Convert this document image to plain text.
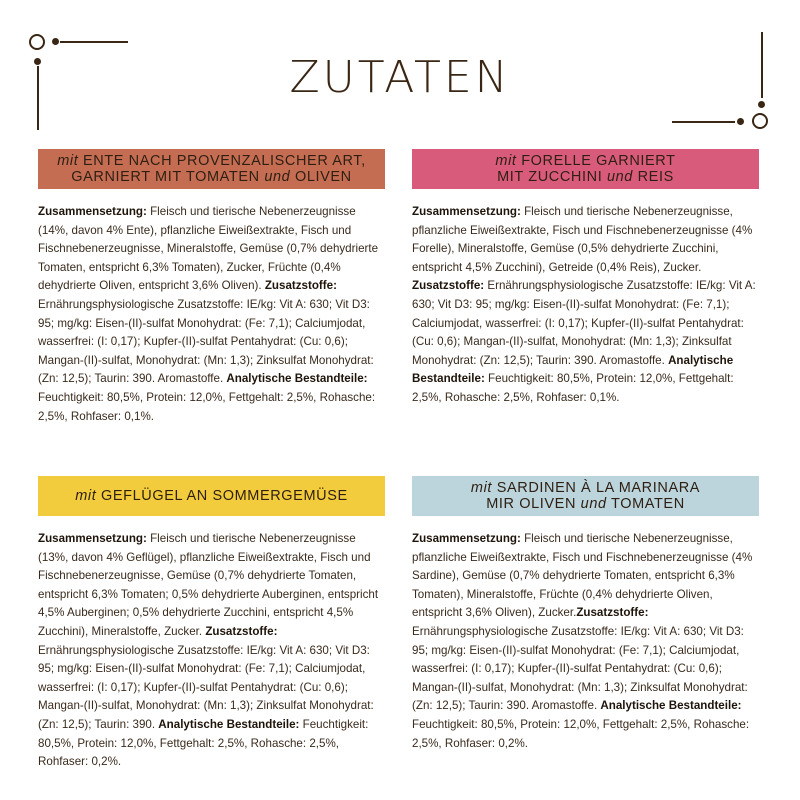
ZUTATEN
mit ENTE NACH PROVENZALISCHER ART,
GARNIERT MIT TOMATEN und OLIVEN

Zusammensetzung: Fleisch und tierische Nebenerzeugnisse (14%, davon 4% Ente), pflanzliche Eiweißextrakte, Fisch und Fischnebenerzeugnisse, Mineralstoffe, Gemüse (0,7% dehydrierte Tomaten, entspricht 6,3% Tomaten), Zucker, Früchte (0,4% dehydrierte Oliven, entspricht 3,6% Oliven). Zusatzstoffe: Ernährungsphysiologische Zusatzstoffe: IE/kg: Vit A: 630; Vit D3: 95; mg/kg: Eisen-(II)-sulfat Monohydrat: (Fe: 7,1); Calciumjodat, wasserfrei: (I: 0,17); Kupfer-(II)-sulfat Pentahydrat: (Cu: 0,6); Mangan-(II)-sulfat, Monohydrat: (Mn: 1,3); Zinksulfat Monohydrat: (Zn: 12,5); Taurin: 390. Aromastoffe. Analytische Bestandteile: Feuchtigkeit: 80,5%, Protein: 12,0%, Fettgehalt: 2,5%, Rohasche: 2,5%, Rohfaser: 0,1%.

mit FORELLE GARNIERT
MIT ZUCCHINI und REIS

Zusammensetzung: Fleisch und tierische Nebenerzeugnisse, pflanzliche Eiweißextrakte, Fisch und Fischnebenerzeugnisse (4% Forelle), Mineralstoffe, Gemüse (0,5% dehydrierte Zucchini, entspricht 4,5% Zucchini), Getreide (0,4% Reis), Zucker. Zusatzstoffe: Ernährungsphysiologische Zusatzstoffe: IE/kg: Vit A: 630; Vit D3: 95; mg/kg: Eisen-(II)-sulfat Monohydrat: (Fe: 7,1); Calciumjodat, wasserfrei: (I: 0,17); Kupfer-(II)-sulfat Pentahydrat: (Cu: 0,6); Mangan-(II)-sulfat, Monohydrat: (Mn: 1,3); Zinksulfat Monohydrat: (Zn: 12,5); Taurin: 390. Aromastoffe. Analytische Bestandteile: Feuchtigkeit: 80,5%, Protein: 12,0%, Fettgehalt: 2,5%, Rohasche: 2,5%, Rohfaser: 0,1%.

mit GEFLÜGEL AN SOMMERGEMÜSE

Zusammensetzung: Fleisch und tierische Nebenerzeugnisse (13%, davon 4% Geflügel), pflanzliche Eiweißextrakte, Fisch und Fischnebenerzeugnisse, Gemüse (0,7% dehydrierte Tomaten, entspricht 6,3% Tomaten; 0,5% dehydrierte Auberginen, entspricht 4,5% Auberginen; 0,5% dehydrierte Zucchini, entspricht 4,5% Zucchini), Mineralstoffe, Zucker. Zusatzstoffe: Ernährungsphysiologische Zusatzstoffe: IE/kg: Vit A: 630; Vit D3: 95; mg/kg: Eisen-(II)-sulfat Monohydrat: (Fe: 7,1); Calciumjodat, wasserfrei: (I: 0,17); Kupfer-(II)-sulfat Pentahydrat: (Cu: 0,6); Mangan-(II)-sulfat, Monohydrat: (Mn: 1,3); Zinksulfat Monohydrat: (Zn: 12,5); Taurin: 390. Analytische Bestandteile: Feuchtigkeit: 80,5%, Protein: 12,0%, Fettgehalt: 2,5%, Rohasche: 2,5%, Rohfaser: 0,2%.

mit SARDINEN À LA MARINARA
MIR OLIVEN und TOMATEN

Zusammensetzung: Fleisch und tierische Nebenerzeugnisse, pflanzliche Eiweißextrakte, Fisch und Fischnebenerzeugnisse (4% Sardine), Gemüse (0,7% dehydrierte Tomaten, entspricht 6,3% Tomaten), Mineralstoffe, Früchte (0,4% dehydrierte Oliven, entspricht 3,6% Oliven), Zucker.Zusatzstoffe: Ernährungsphysiologische Zusatzstoffe: IE/kg: Vit A: 630; Vit D3: 95; mg/kg: Eisen-(II)-sulfat Monohydrat: (Fe: 7,1); Calciumjodat, wasserfrei: (I: 0,17); Kupfer-(II)-sulfat Pentahydrat: (Cu: 0,6); Mangan-(II)-sulfat, Monohydrat: (Mn: 1,3); Zinksulfat Monohydrat: (Zn: 12,5); Taurin: 390. Aromastoffe. Analytische Bestandteile: Feuchtigkeit: 80,5%, Protein: 12,0%, Fettgehalt: 2,5%, Rohasche: 2,5%, Rohfaser: 0,2%.
